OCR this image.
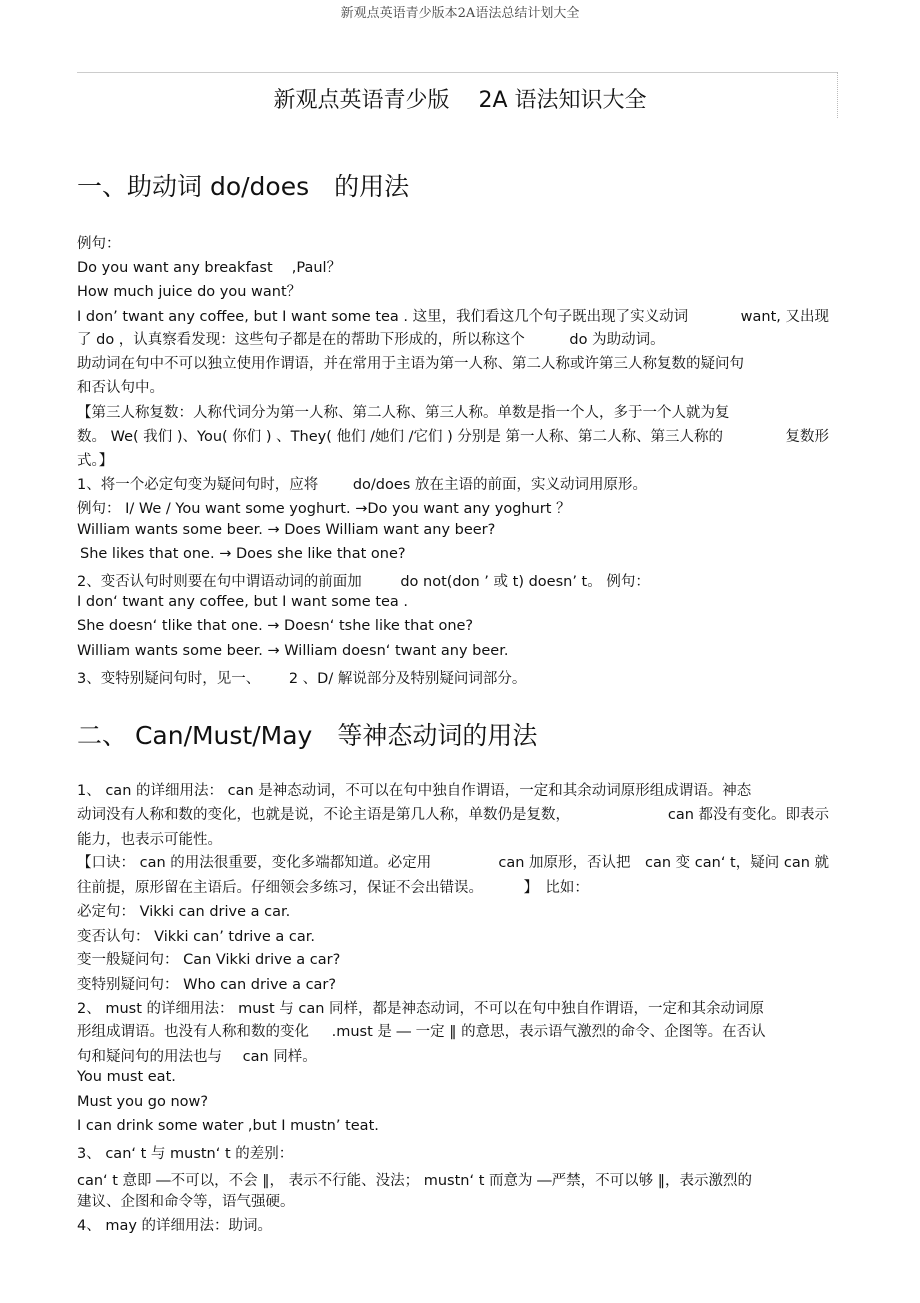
新观点英语青少版本2A语法总结计划大全
新观点英语青少版　 2A 语法知识大全
一、助动词 do/does　的用法
例句：
Do you want any breakfast　 ,Paul？
How much juice do you want？
I don’ twant any coffee, but I want some tea . 这里，我们看这几个句子既出现了实义动词	want, 又出现
了 do ，认真察看发现：这些句子都是在的帮助下形成的，所以称这个	do 为助动词。
助动词在句中不可以独立使用作谓语，并在常用于主语为第一人称、第二人称或许第三人称复数的疑问句
和否认句中。
【第三人称复数：人称代词分为第一人称、第二人称、第三人称。单数是指一个人，多于一个人就为复
数。 We( 我们 )、You( 你们 ) 、They( 他们 /她们 /它们 ) 分别是 第一人称、第二人称、第三人称的	复数形
式。】
1、将一个必定句变为疑问句时，应将 do/does 放在主语的前面，实义动词用原形。
例句： I/ We / You want some yoghurt. →Do you want any yoghurt ？
William wants some beer. → Does William want any beer?
She likes that one. → Does she like that one?
2、变否认句时则要在句中谓语动词的前面加	do not(don ’ 或 t) doesn’ t。 例句：
I don‘ twant any coffee, but I want some tea .
She doesn‘ tlike that one. → Doesn‘ tshe like that one?
William wants some beer. → William doesn‘ twant any beer.
3、变特别疑问句时，见一、 2 、D/ 解说部分及特别疑问词部分。
二、 Can/Must/May　等神态动词的用法
1、 can 的详细用法： can 是神态动词，不可以在句中独自作谓语，一定和其余动词原形组成谓语。神态
动词没有人称和数的变化，也就是说，不论主语是第几人称，单数仍是复数，	can 都没有变化。即表示
能力，也表示可能性。
【口诀： can 的用法很重要，变化多端都知道。必定用	can 加原形，否认把　can 变 can‘ t，疑问 can 就
往前提，原形留在主语后。仔细领会多练习，保证不会出错误。	】　比如：
必定句： Vikki can drive a car.
变否认句： Vikki can’ tdrive a car.
变一般疑问句： Can Vikki drive a car?
变特别疑问句： Who can drive a car?
2、 must 的详细用法： must 与 can 同样，都是神态动词，不可以在句中独自作谓语，一定和其余动词原
形组成谓语。也没有人称和数的变化 .must 是 ― 一定 ‖ 的意思，表示语气激烈的命令、企图等。在否认
句和疑问句的用法也与 can 同样。
You must eat.
Must you go now?
I can drink some water ,but I mustn’ teat.
3、 can‘ t 与 mustn‘ t 的差别：
can‘ t 意即 ―不可以，不会 ‖， 表示不行能、没法； mustn‘ t 而意为 ―严禁，不可以够 ‖，表示激烈的
建议、企图和命令等，语气强硬。
4、 may 的详细用法：助词。
